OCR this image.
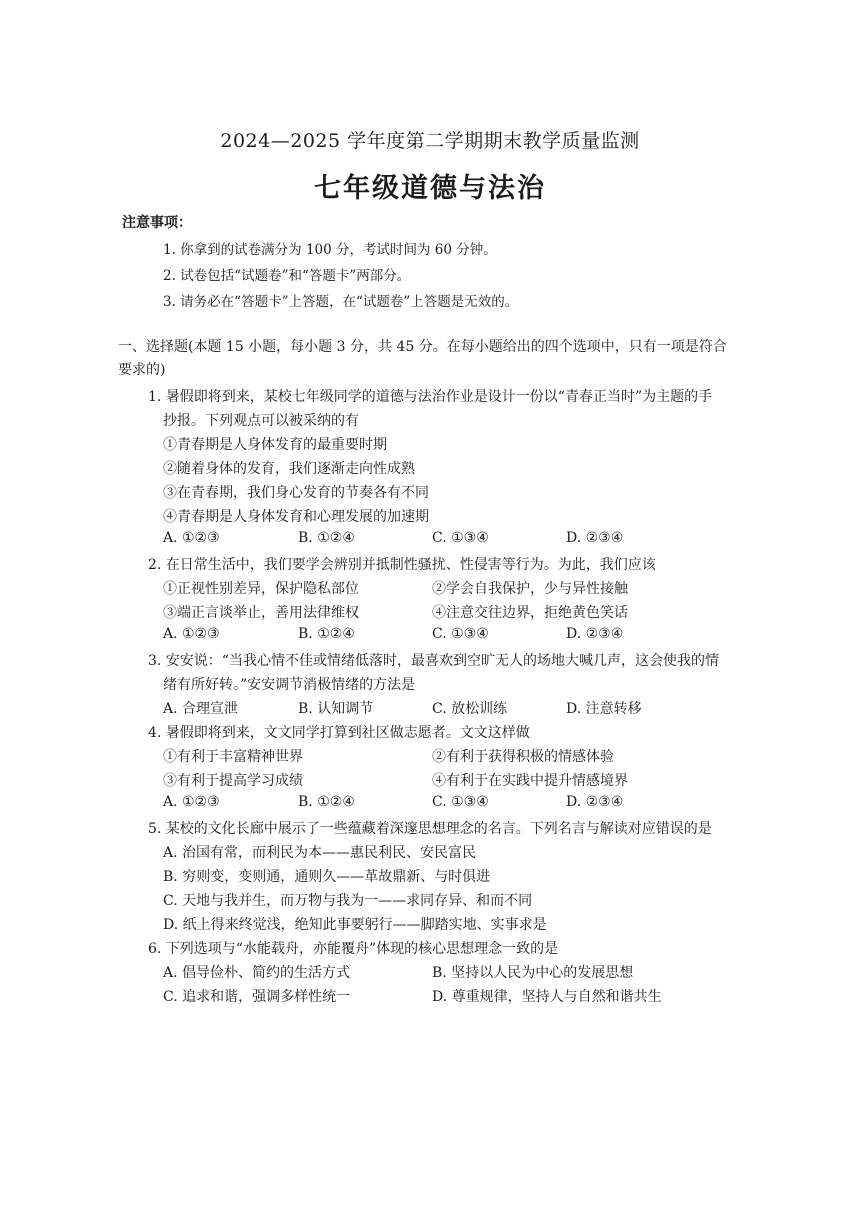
2024—2025 学年度第二学期期末教学质量监测
七年级道德与法治
注意事项：
1. 你拿到的试卷满分为 100 分，考试时间为 60 分钟。
2. 试卷包括“试题卷”和“答题卡”两部分。
3. 请务必在“答题卡”上答题，在“试题卷”上答题是无效的。
一、选择题(本题 15 小题，每小题 3 分，共 45 分。在每小题给出的四个选项中，只有一项是符合要求的)
1. 暑假即将到来，某校七年级同学的道德与法治作业是设计一份以“青春正当时”为主题的手
抄报。下列观点可以被采纳的有
①青春期是人身体发育的最重要时期
②随着身体的发育，我们逐渐走向性成熟
③在青春期，我们身心发育的节奏各有不同
④青春期是人身体发育和心理发展的加速期
A. ①②③	B. ①②④	C. ①③④	D. ②③④
2. 在日常生活中，我们要学会辨别并抵制性骚扰、性侵害等行为。为此，我们应该
①正视性别差异，保护隐私部位	②学会自我保护，少与异性接触
③端正言谈举止，善用法律维权	④注意交往边界，拒绝黄色笑话
A. ①②③	B. ①②④	C. ①③④	D. ②③④
3. 安安说：“当我心情不佳或情绪低落时，最喜欢到空旷无人的场地大喊几声，这会使我的情
绪有所好转。”安安调节消极情绪的方法是
A. 合理宣泄	B. 认知调节	C. 放松训练	D. 注意转移
4. 暑假即将到来，文文同学打算到社区做志愿者。文文这样做
①有利于丰富精神世界	②有利于获得积极的情感体验
③有利于提高学习成绩	④有利于在实践中提升情感境界
A. ①②③	B. ①②④	C. ①③④	D. ②③④
5. 某校的文化长廊中展示了一些蕴藏着深邃思想理念的名言。下列名言与解读对应错误的是
A. 治国有常，而利民为本——惠民利民、安民富民
B. 穷则变，变则通，通则久——革故鼎新、与时俱进
C. 天地与我并生，而万物与我为一——求同存异、和而不同
D. 纸上得来终觉浅，绝知此事要躬行——脚踏实地、实事求是
6. 下列选项与“水能载舟，亦能覆舟”体现的核心思想理念一致的是
A. 倡导俭朴、简约的生活方式	B. 坚持以人民为中心的发展思想
C. 追求和谐，强调多样性统一	D. 尊重规律，坚持人与自然和谐共生
